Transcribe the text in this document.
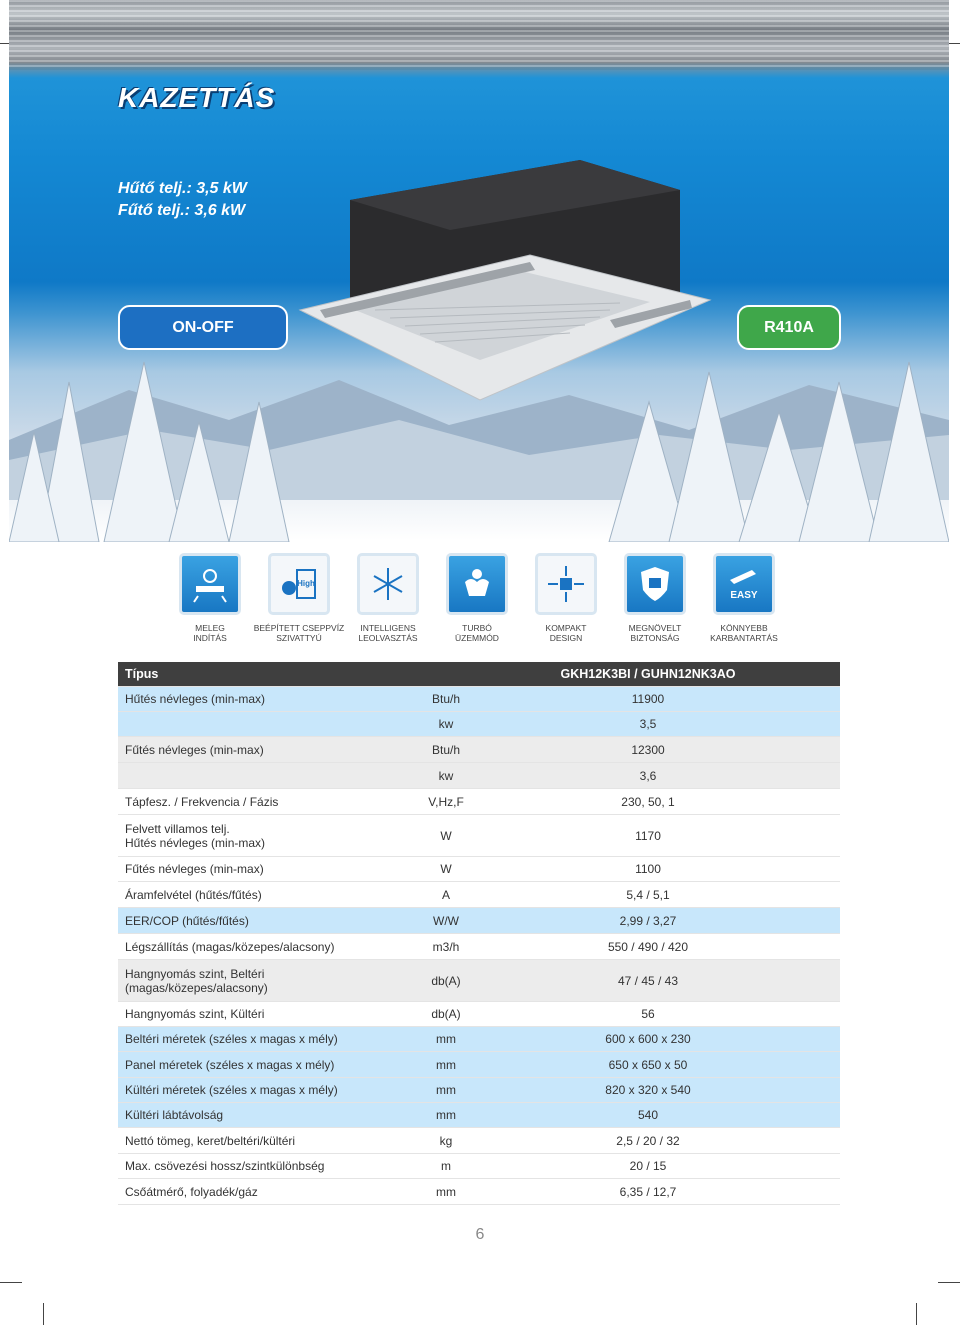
KAZETTÁS
Hűtő telj.: 3,5 kW
Fűtő telj.: 3,6 kW
ON-OFF	R410A
MELEG
INDÍTÁS
High
BEÉPÍTETT CSEPPVÍZ
SZIVATTYÚ
INTELLIGENS
LEOLVASZTÁS
TURBÓ
ÜZEMMÓD
KOMPAKT
DESIGN
MEGNÖVELT
BIZTONSÁG
EASY
KÖNNYEBB
KARBANTARTÁS
Típus	GKH12K3BI / GUHN12NK3AO
Hűtés névleges (min-max)	Btu/h	11900
kw	3,5
Fűtés névleges (min-max)	Btu/h	12300
kw	3,6
Tápfesz. / Frekvencia / Fázis	V,Hz,F	230, 50, 1
Felvett villamos telj.
Hűtés névleges (min-max)	W	1170
Fűtés névleges (min-max)	W	1100
Áramfelvétel (hűtés/fűtés)	A	5,4 / 5,1
EER/COP (hűtés/fűtés)	W/W	2,99 / 3,27
Légszállítás (magas/közepes/alacsony)	m3/h	550 / 490 / 420
Hangnyomás szint, Beltéri
(magas/közepes/alacsony)	db(A)	47 / 45 / 43
Hangnyomás szint, Kültéri	db(A)	56
Beltéri méretek (széles x magas x mély)	mm	600 x 600 x 230
Panel méretek (széles x magas x mély)	mm	650 x 650 x 50
Kültéri méretek (széles x magas x mély)	mm	820 x 320 x 540
Kültéri lábtávolság	mm	540
Nettó tömeg, keret/beltéri/kültéri	kg	2,5 / 20 / 32
Max. csövezési hossz/szintkülönbség	m	20 / 15
Csőátmérő, folyadék/gáz	mm	6,35 / 12,7
6
